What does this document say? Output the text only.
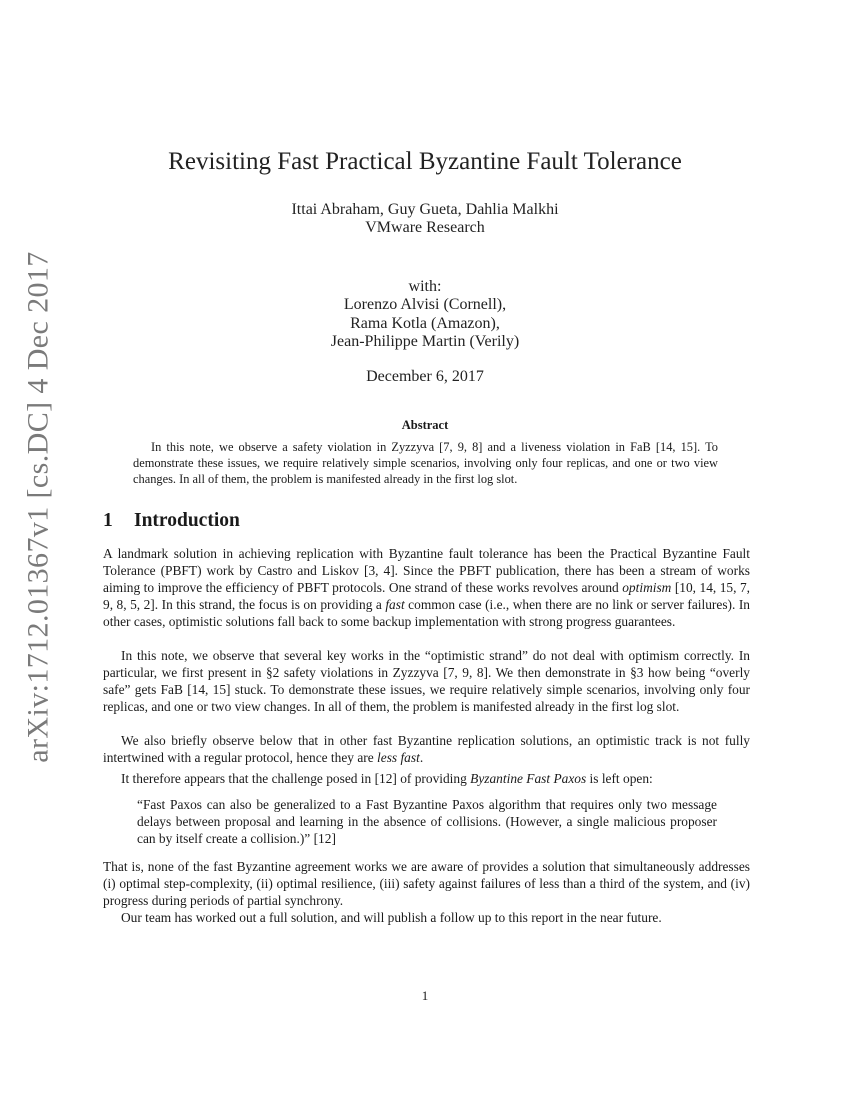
arXiv:1712.01367v1 [cs.DC] 4 Dec 2017
Revisiting Fast Practical Byzantine Fault Tolerance
Ittai Abraham, Guy Gueta, Dahlia Malkhi
VMware Research
with:
Lorenzo Alvisi (Cornell),
Rama Kotla (Amazon),
Jean-Philippe Martin (Verily)
December 6, 2017
Abstract
In this note, we observe a safety violation in Zyzzyva [7, 9, 8] and a liveness violation in FaB [14, 15]. To demonstrate these issues, we require relatively simple scenarios, involving only four replicas, and one or two view changes. In all of them, the problem is manifested already in the first log slot.
1 Introduction

A landmark solution in achieving replication with Byzantine fault tolerance has been the Practical Byzantine Fault Tolerance (PBFT) work by Castro and Liskov [3, 4]. Since the PBFT publication, there has been a stream of works aiming to improve the efficiency of PBFT protocols. One strand of these works revolves around optimism [10, 14, 15, 7, 9, 8, 5, 2]. In this strand, the focus is on providing a fast common case (i.e., when there are no link or server failures). In other cases, optimistic solutions fall back to some backup implementation with strong progress guarantees.

In this note, we observe that several key works in the “optimistic strand” do not deal with optimism correctly. In particular, we first present in §2 safety violations in Zyzzyva [7, 9, 8]. We then demonstrate in §3 how being “overly safe” gets FaB [14, 15] stuck. To demonstrate these issues, we require relatively simple scenarios, involving only four replicas, and one or two view changes. In all of them, the problem is manifested already in the first log slot.

We also briefly observe below that in other fast Byzantine replication solutions, an optimistic track is not fully intertwined with a regular protocol, hence they are less fast.

It therefore appears that the challenge posed in [12] of providing Byzantine Fast Paxos is left open:

“Fast Paxos can also be generalized to a Fast Byzantine Paxos algorithm that requires only two message delays between proposal and learning in the absence of collisions. (However, a single malicious proposer can by itself create a collision.)” [12]

That is, none of the fast Byzantine agreement works we are aware of provides a solution that simultaneously addresses (i) optimal step-complexity, (ii) optimal resilience, (iii) safety against failures of less than a third of the system, and (iv) progress during periods of partial synchrony.

Our team has worked out a full solution, and will publish a follow up to this report in the near future.

1
